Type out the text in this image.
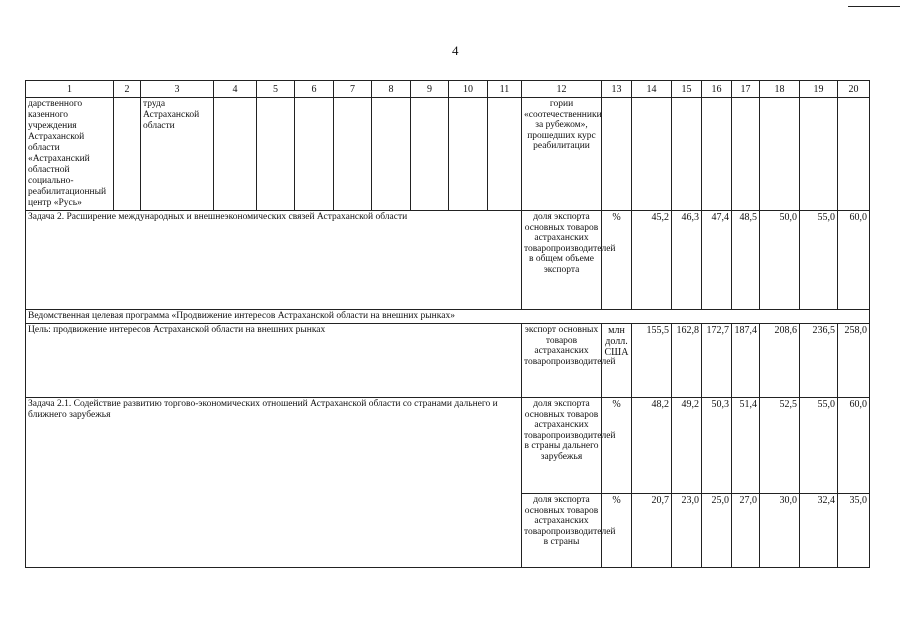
4
1	2	3	4	5	6	7	8	9	10	11	12	13	14	15	16	17	18	19	20
дарственного казенного учреждения Астраханской области «Астраханский областной социально-реабилитационный центр «Русь»		труда Астраханской области									гории «соотечественники за рубежом», прошедших курс реабилитации								
Задача 2. Расширение международных и внешнеэкономических связей Астраханской области											доля экспорта основных товаров астраханских товаропроизводителей в общем объеме экспорта	%	45,2	46,3	47,4	48,5	50,0	55,0	60,0
Ведомственная целевая программа «Продвижение интересов Астраханской области на внешних рынках»																			
Цель: продвижение интересов Астраханской области на внешних рынках											экспорт основных товаров астраханских товаропроизводителей	млн долл. США	155,5	162,8	172,7	187,4	208,6	236,5	258,0
Задача 2.1. Содействие развитию торгово-экономических отношений Астраханской области со странами дальнего и ближнего зарубежья											доля экспорта основных товаров астраханских товаропроизводителей в страны дальнего зарубежья	%	48,2	49,2	50,3	51,4	52,5	55,0	60,0
											доля экспорта основных товаров астраханских товаропроизводителей в страны	%	20,7	23,0	25,0	27,0	30,0	32,4	35,0
